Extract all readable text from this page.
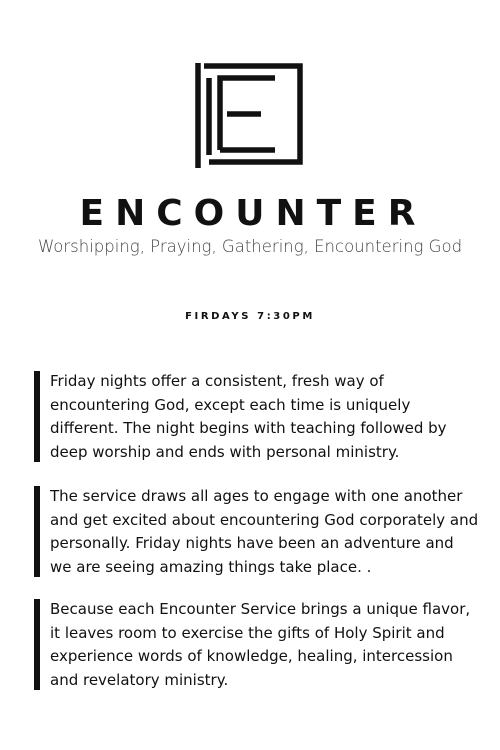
ENCOUNTER
Worshipping, Praying, Gathering, Encountering God
FIRDAYS 7:30PM
Friday nights offer a consistent, fresh way of
encountering God, except each time is uniquely
different. The night begins with teaching followed by
deep worship and ends with personal ministry.
The service draws all ages to engage with one another
and get excited about encountering God corporately and
personally. Friday nights have been an adventure and
we are seeing amazing things take place. .
Because each Encounter Service brings a unique flavor,
it leaves room to exercise the gifts of Holy Spirit and
experience words of knowledge, healing, intercession
and revelatory ministry.
